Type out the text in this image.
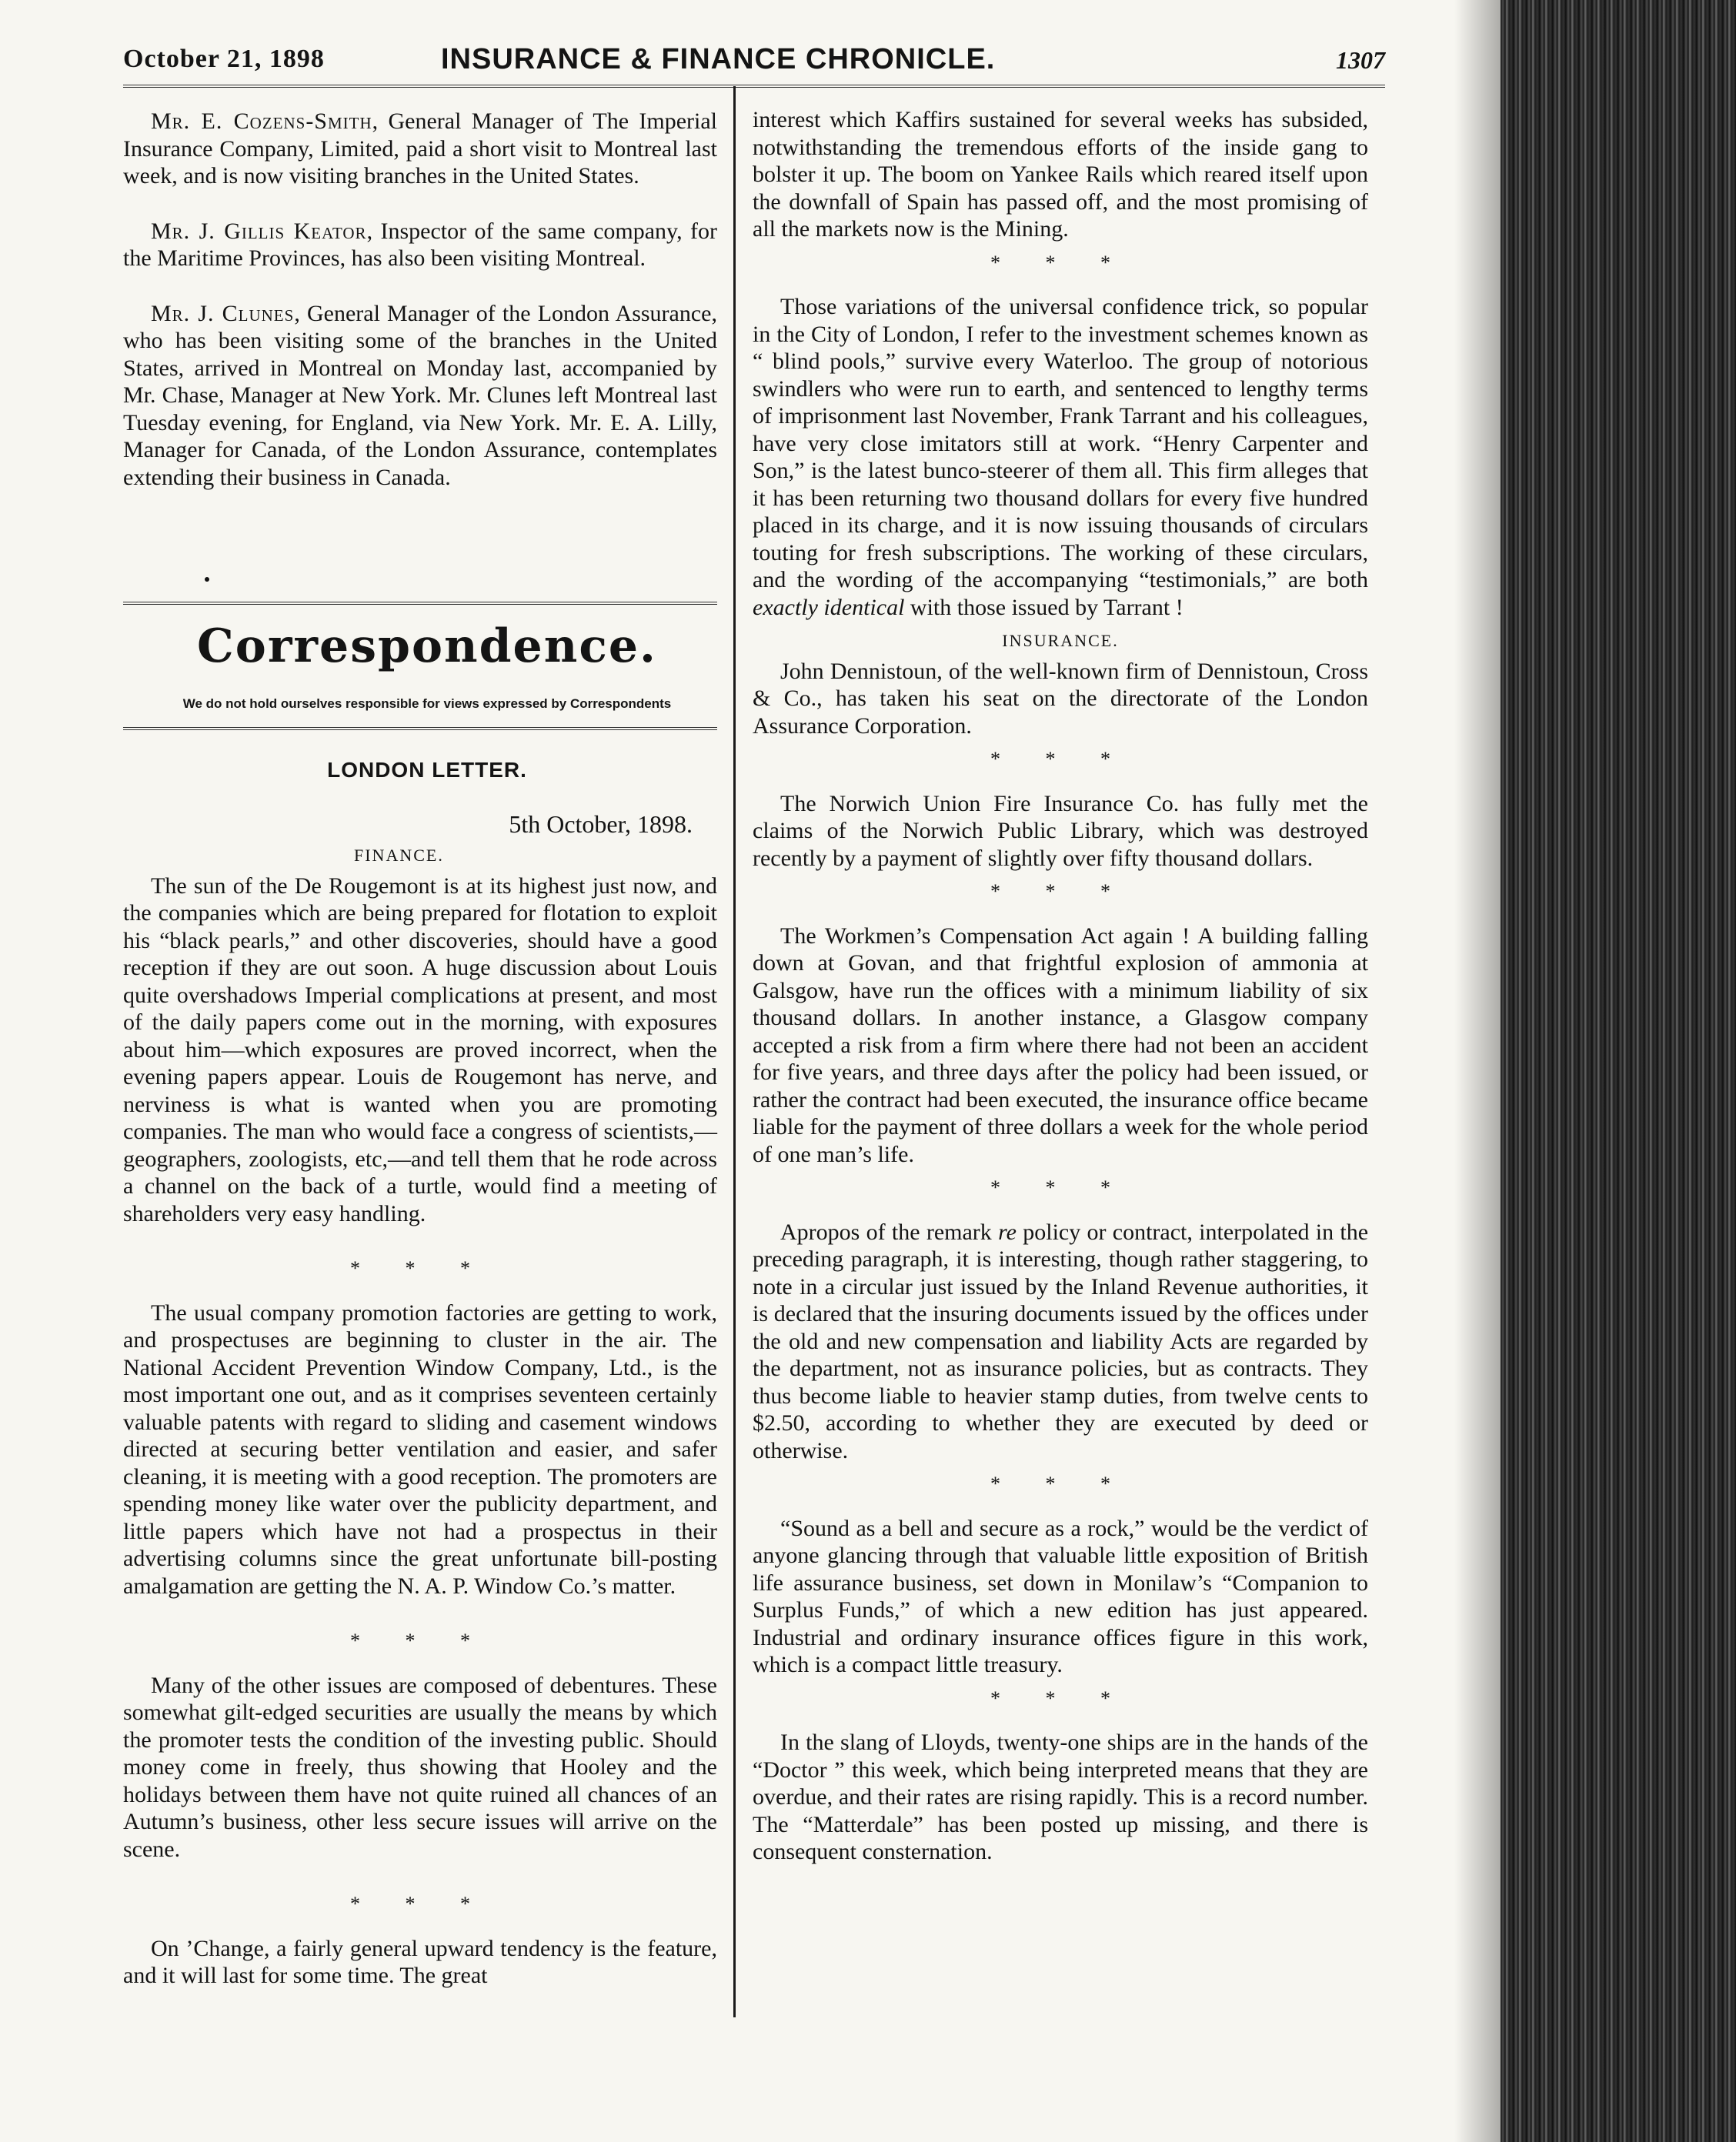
October 21, 1898	INSURANCE & FINANCE CHRONICLE.	1307

Mr. E. Cozens-Smith, General Manager of The Imperial Insurance Company, Limited, paid a short visit to Montreal last week, and is now visiting branches in the United States.

Mr. J. Gillis Keator, Inspector of the same company, for the Maritime Provinces, has also been visiting Montreal.

Mr. J. Clunes, General Manager of the London Assurance, who has been visiting some of the branches in the United States, arrived in Montreal on Monday last, accompanied by Mr. Chase, Manager at New York. Mr. Clunes left Montreal last Tuesday evening, for England, via New York. Mr. E. A. Lilly, Manager for Canada, of the London Assurance, contemplates extending their business in Canada.

Correspondence.
We do not hold ourselves responsible for views expressed by Correspondents
LONDON LETTER.
5th October, 1898.
FINANCE.

The sun of the De Rougemont is at its highest just now, and the companies which are being prepared for flotation to exploit his “black pearls,” and other discoveries, should have a good reception if they are out soon. A huge discussion about Louis quite overshadows Imperial complications at present, and most of the daily papers come out in the morning, with exposures about him—which exposures are proved incorrect, when the evening papers appear. Louis de Rougemont has nerve, and nerviness is what is wanted when you are promoting companies. The man who would face a congress of scientists,—geographers, zoologists, etc,—and tell them that he rode across a channel on the back of a turtle, would find a meeting of shareholders very easy handling.

* * *

The usual company promotion factories are getting to work, and prospectuses are beginning to cluster in the air. The National Accident Prevention Window Company, Ltd., is the most important one out, and as it comprises seventeen certainly valuable patents with regard to sliding and casement windows directed at securing better ventilation and easier, and safer cleaning, it is meeting with a good reception. The promoters are spending money like water over the publicity department, and little papers which have not had a prospectus in their advertising columns since the great unfortunate bill-posting amalgamation are getting the N. A. P. Window Co.’s matter.

* * *

Many of the other issues are composed of debentures. These somewhat gilt-edged securities are usually the means by which the promoter tests the condition of the investing public. Should money come in freely, thus showing that Hooley and the holidays between them have not quite ruined all chances of an Autumn’s business, other less secure issues will arrive on the scene.

* * *

On ’Change, a fairly general upward tendency is the feature, and it will last for some time. The great

interest which Kaffirs sustained for several weeks has subsided, notwithstanding the tremendous efforts of the inside gang to bolster it up. The boom on Yankee Rails which reared itself upon the downfall of Spain has passed off, and the most promising of all the markets now is the Mining.

* * *

Those variations of the universal confidence trick, so popular in the City of London, I refer to the investment schemes known as “ blind pools,” survive every Waterloo. The group of notorious swindlers who were run to earth, and sentenced to lengthy terms of imprisonment last November, Frank Tarrant and his colleagues, have very close imitators still at work. “Henry Carpenter and Son,” is the latest bunco-steerer of them all. This firm alleges that it has been returning two thousand dollars for every five hundred placed in its charge, and it is now issuing thousands of circulars touting for fresh subscriptions. The working of these circulars, and the wording of the accompanying “testimonials,” are both exactly identical with those issued by Tarrant !

INSURANCE.

John Dennistoun, of the well-known firm of Dennistoun, Cross & Co., has taken his seat on the directorate of the London Assurance Corporation.

* * *

The Norwich Union Fire Insurance Co. has fully met the claims of the Norwich Public Library, which was destroyed recently by a payment of slightly over fifty thousand dollars.

* * *

The Workmen’s Compensation Act again ! A building falling down at Govan, and that frightful explosion of ammonia at Galsgow, have run the offices with a minimum liability of six thousand dollars. In another instance, a Glasgow company accepted a risk from a firm where there had not been an accident for five years, and three days after the policy had been issued, or rather the contract had been executed, the insurance office became liable for the payment of three dollars a week for the whole period of one man’s life.

* * *

Apropos of the remark re policy or contract, interpolated in the preceding paragraph, it is interesting, though rather staggering, to note in a circular just issued by the Inland Revenue authorities, it is declared that the insuring documents issued by the offices under the old and new compensation and liability Acts are regarded by the department, not as insurance policies, but as contracts. They thus become liable to heavier stamp duties, from twelve cents to $2.50, according to whether they are executed by deed or otherwise.

* * *

“Sound as a bell and secure as a rock,” would be the verdict of anyone glancing through that valuable little exposition of British life assurance business, set down in Monilaw’s “Companion to Surplus Funds,” of which a new edition has just appeared. Industrial and ordinary insurance offices figure in this work, which is a compact little treasury.

* * *

In the slang of Lloyds, twenty-one ships are in the hands of the “Doctor ” this week, which being interpreted means that they are overdue, and their rates are rising rapidly. This is a record number. The “Matterdale” has been posted up missing, and there is consequent consternation.
